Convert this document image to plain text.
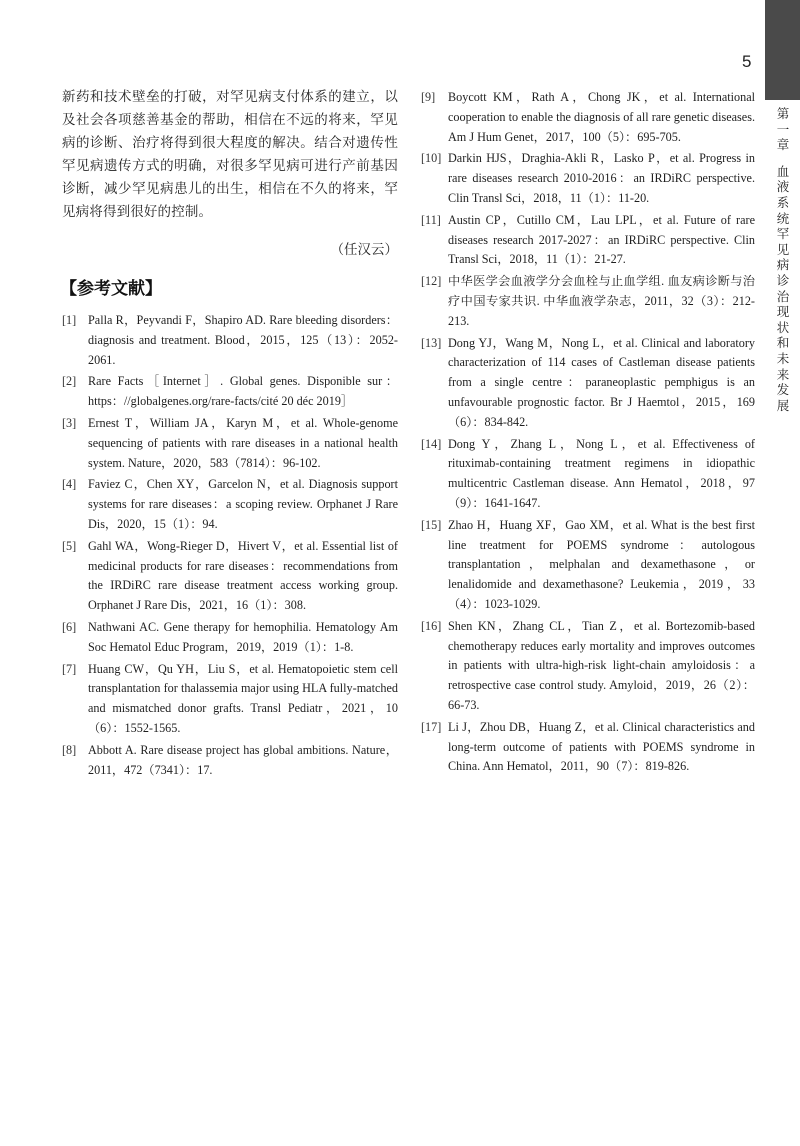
5
第
一
章
血
液
系
统
罕
见
病
诊
治
现
状
和
未
来
发
展

新药和技术壁垒的打破，对罕见病支付体系的建立，以及社会各项慈善基金的帮助，相信在不远的将来，罕见病的诊断、治疗将得到很大程度的解决。结合对遗传性罕见病遗传方式的明确，对很多罕见病可进行产前基因诊断，减少罕见病患儿的出生，相信在不久的将来，罕见病将得到很好的控制。

（任汉云）

【参考文献】
[1] Palla R，Peyvandi F，Shapiro AD. Rare bleeding disorders：diagnosis and treatment. Blood，2015，125（13）：2052-2061.
[2] Rare Facts［Internet］. Global genes. Disponible sur：https：//globalgenes.org/rare-facts/cité 20 déc 2019］
[3] Ernest T，William JA，Karyn M，et al. Whole-genome sequencing of patients with rare diseases in a national health system. Nature，2020，583（7814）：96-102.
[4] Faviez C，Chen XY，Garcelon N，et al. Diagnosis support systems for rare diseases：a scoping review. Orphanet J Rare Dis，2020，15（1）：94.
[5] Gahl WA，Wong-Rieger D，Hivert V，et al. Essential list of medicinal products for rare diseases：recommendations from the IRDiRC rare disease treatment access working group. Orphanet J Rare Dis，2021，16（1）：308.
[6] Nathwani AC. Gene therapy for hemophilia. Hematology Am Soc Hematol Educ Program，2019，2019（1）：1-8.
[7] Huang CW，Qu YH，Liu S，et al. Hematopoietic stem cell transplantation for thalassemia major using HLA fully-matched and mismatched donor grafts. Transl Pediatr，2021，10（6）：1552-1565.
[8] Abbott A. Rare disease project has global ambitions. Nature，2011，472（7341）：17.
[9]	Boycott KM，Rath A，Chong JK，et al. International cooperation to enable the diagnosis of all rare genetic diseases. Am J Hum Genet，2017，100（5）：695-705.
[10] Darkin HJS，Draghia-Akli R，Lasko P，et al. Progress in rare diseases research 2010-2016：an IRDiRC perspective. Clin Transl Sci，2018，11（1）：11-20.
[11] Austin CP，Cutillo CM，Lau LPL，et al. Future of rare diseases research 2017-2027：an IRDiRC perspective. Clin Transl Sci，2018，11（1）：21-27.
[12] 中华医学会血液学分会血栓与止血学组. 血友病诊断与治疗中国专家共识. 中华血液学杂志，2011，32（3）：212-213.
[13] Dong YJ，Wang M，Nong L，et al. Clinical and laboratory characterization of 114 cases of Castleman disease patients from a single centre：paraneoplastic pemphigus is an unfavourable prognostic factor. Br J Haemtol，2015，169（6）：834-842.
[14] Dong Y，Zhang L，Nong L，et al. Effectiveness of rituximab-containing treatment regimens in idiopathic multicentric Castleman disease. Ann Hematol，2018，97（9）：1641-1647.
[15] Zhao H，Huang XF，Gao XM，et al. What is the best first line treatment for POEMS syndrome：autologous transplantation，melphalan and dexamethasone，or lenalidomide and dexamethasone? Leukemia，2019，33（4）：1023-1029.
[16] Shen KN，Zhang CL，Tian Z，et al. Bortezomib-based chemotherapy reduces early mortality and improves outcomes in patients with ultra-high-risk light-chain amyloidosis：a retrospective case control study. Amyloid，2019，26（2）：66-73.
[17] Li J，Zhou DB，Huang Z，et al. Clinical characteristics and long-term outcome of patients with POEMS syndrome in China. Ann Hematol，2011，90（7）：819-826.
